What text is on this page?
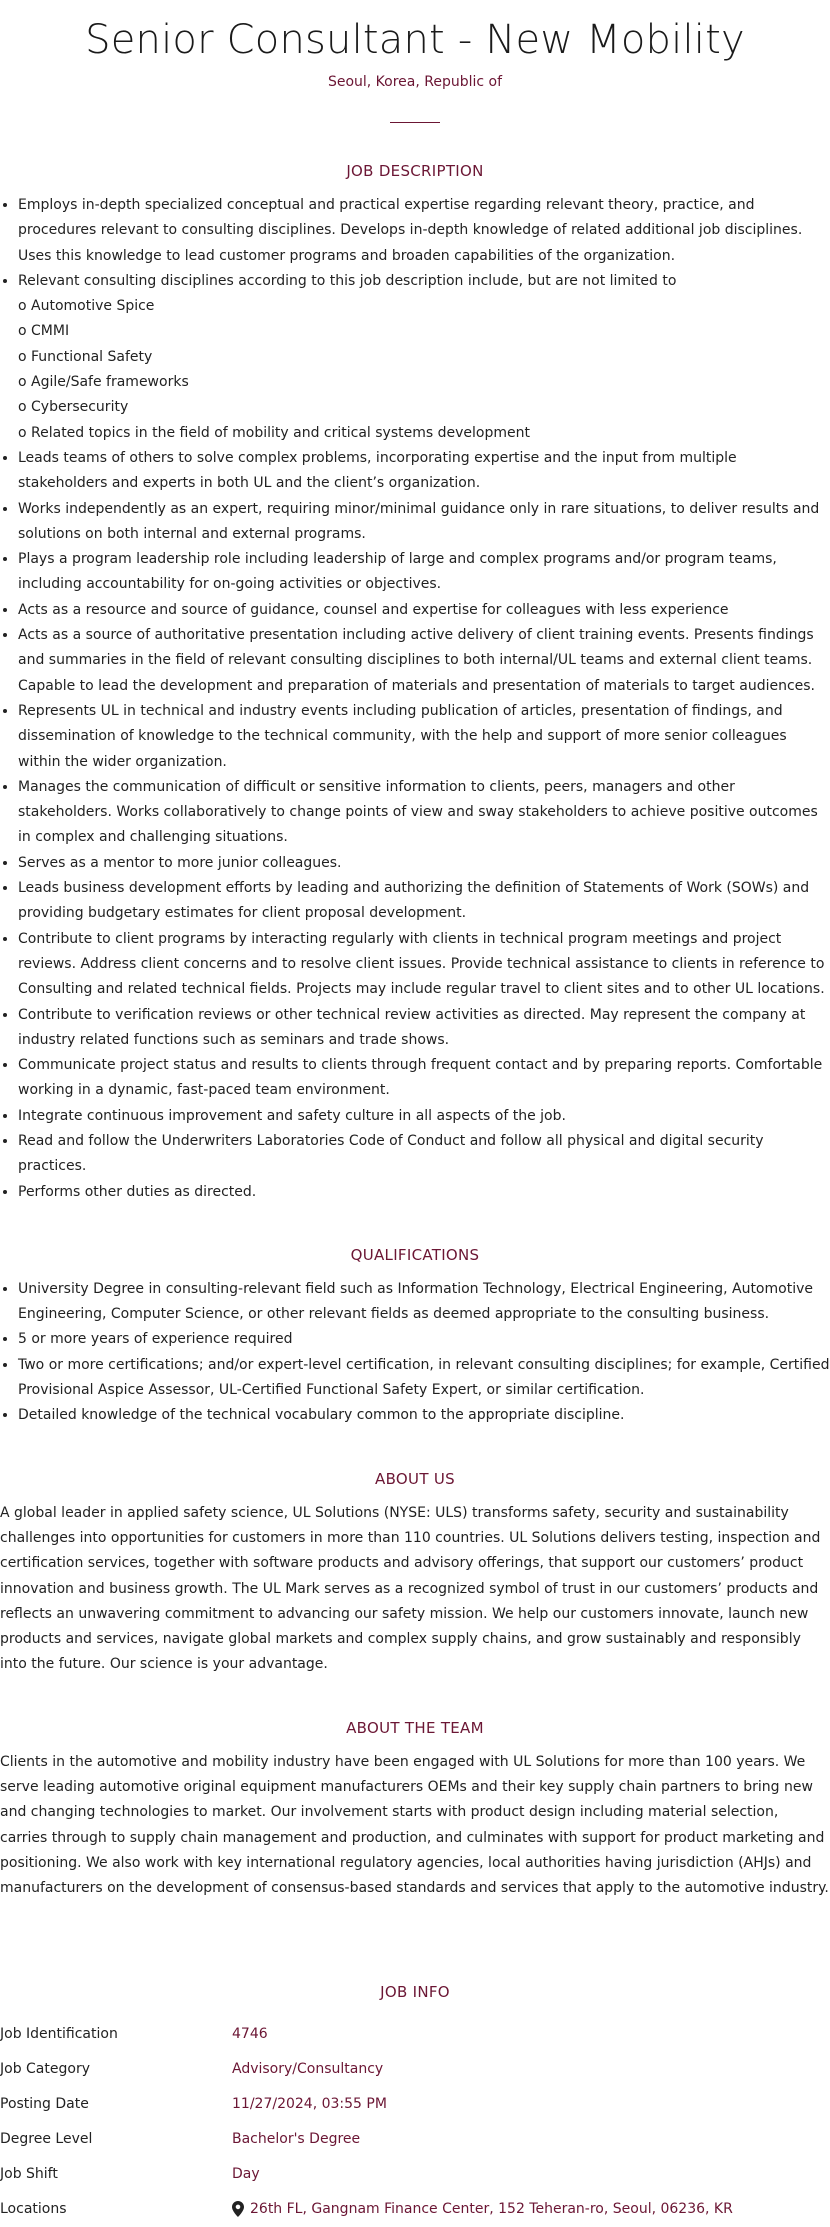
Senior Consultant - New Mobility
Seoul, Korea, Republic of
JOB DESCRIPTION
• Employs in-depth specialized conceptual and practical expertise regarding relevant theory, practice, and procedures relevant to consulting disciplines. Develops in-depth knowledge of related additional job disciplines. Uses this knowledge to lead customer programs and broaden capabilities of the organization.
• Relevant consulting disciplines according to this job description include, but are not limited to
o Automotive Spice
o CMMI
o Functional Safety
o Agile/Safe frameworks
o Cybersecurity
o Related topics in the field of mobility and critical systems development
• Leads teams of others to solve complex problems, incorporating expertise and the input from multiple stakeholders and experts in both UL and the client’s organization.
• Works independently as an expert, requiring minor/minimal guidance only in rare situations, to deliver results and solutions on both internal and external programs.
• Plays a program leadership role including leadership of large and complex programs and/or program teams, including accountability for on-going activities or objectives.
• Acts as a resource and source of guidance, counsel and expertise for colleagues with less experience
• Acts as a source of authoritative presentation including active delivery of client training events. Presents findings and summaries in the field of relevant consulting disciplines to both internal/UL teams and external client teams. Capable to lead the development and preparation of materials and presentation of materials to target audiences.
• Represents UL in technical and industry events including publication of articles, presentation of findings, and dissemination of knowledge to the technical community, with the help and support of more senior colleagues within the wider organization.
• Manages the communication of difficult or sensitive information to clients, peers, managers and other stakeholders. Works collaboratively to change points of view and sway stakeholders to achieve positive outcomes in complex and challenging situations.
• Serves as a mentor to more junior colleagues.
• Leads business development efforts by leading and authorizing the definition of Statements of Work (SOWs) and providing budgetary estimates for client proposal development.
• Contribute to client programs by interacting regularly with clients in technical program meetings and project reviews. Address client concerns and to resolve client issues. Provide technical assistance to clients in reference to Consulting and related technical fields. Projects may include regular travel to client sites and to other UL locations.
• Contribute to verification reviews or other technical review activities as directed. May represent the company at industry related functions such as seminars and trade shows.
• Communicate project status and results to clients through frequent contact and by preparing reports. Comfortable working in a dynamic, fast-paced team environment.
• Integrate continuous improvement and safety culture in all aspects of the job.
• Read and follow the Underwriters Laboratories Code of Conduct and follow all physical and digital security practices.
• Performs other duties as directed.
QUALIFICATIONS
• University Degree in consulting-relevant field such as Information Technology, Electrical Engineering, Automotive Engineering, Computer Science, or other relevant fields as deemed appropriate to the consulting business.
• 5 or more years of experience required
• Two or more certifications; and/or expert-level certification, in relevant consulting disciplines; for example, Certified Provisional Aspice Assessor, UL-Certified Functional Safety Expert, or similar certification.
• Detailed knowledge of the technical vocabulary common to the appropriate discipline.
ABOUT US

A global leader in applied safety science, UL Solutions (NYSE: ULS) transforms safety, security and sustainability challenges into opportunities for customers in more than 110 countries. UL Solutions delivers testing, inspection and certification services, together with software products and advisory offerings, that support our customers’ product innovation and business growth. The UL Mark serves as a recognized symbol of trust in our customers’ products and reflects an unwavering commitment to advancing our safety mission. We help our customers innovate, launch new products and services, navigate global markets and complex supply chains, and grow sustainably and responsibly into the future. Our science is your advantage.

ABOUT THE TEAM

Clients in the automotive and mobility industry have been engaged with UL Solutions for more than 100 years. We serve leading automotive original equipment manufacturers OEMs and their key supply chain partners to bring new and changing technologies to market. Our involvement starts with product design including material selection, carries through to supply chain management and production, and culminates with support for product marketing and positioning. We also work with key international regulatory agencies, local authorities having jurisdiction (AHJs) and manufacturers on the development of consensus-based standards and services that apply to the automotive industry.

JOB INFO
Job Identification	4746
Job Category	Advisory/Consultancy
Posting Date	11/27/2024, 03:55 PM
Degree Level	Bachelor's Degree
Job Shift	Day
Locations	26th FL, Gangnam Finance Center, 152 Teheran-ro, Seoul, 06236, KR
